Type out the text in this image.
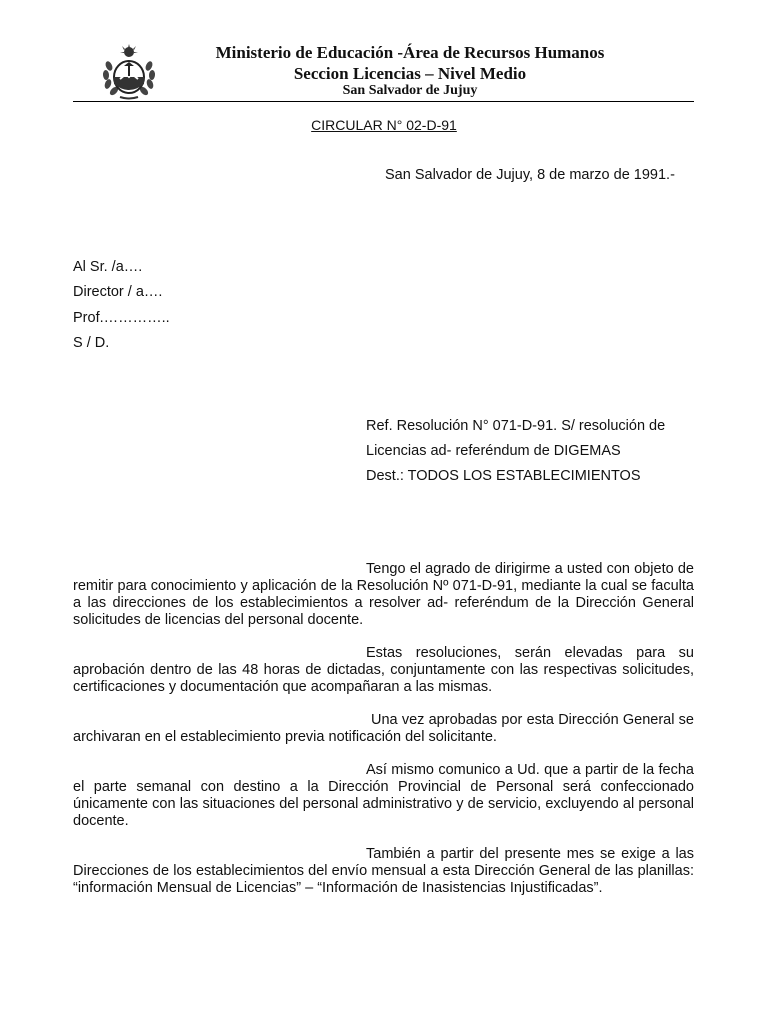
Ministerio de Educación -Área de Recursos Humanos
Seccion Licencias – Nivel Medio
San Salvador de Jujuy
CIRCULAR N° 02-D-91
San Salvador de Jujuy, 8 de marzo de 1991.-
Al Sr. /a….
Director / a….
Prof.…………..
S / D.
Ref. Resolución N° 071-D-91. S/ resolución de
Licencias ad- referéndum de DIGEMAS
Dest.: TODOS LOS ESTABLECIMIENTOS

Tengo el agrado de dirigirme a usted con objeto de remitir para conocimiento y aplicación de la Resolución Nº 071-D-91, mediante la cual se faculta a las direcciones de los establecimientos a resolver ad- referéndum de la Dirección General solicitudes de licencias del personal docente.

Estas resoluciones, serán elevadas para su aprobación dentro de las 48 horas de dictadas, conjuntamente con las respectivas solicitudes, certificaciones y documentación que acompañaran a las mismas.

Una vez aprobadas por esta Dirección General se archivaran en el establecimiento previa notificación del solicitante.

Así mismo comunico a Ud. que a partir de la fecha el parte semanal con destino a la Dirección Provincial de Personal será confeccionado únicamente con las situaciones del personal administrativo y de servicio, excluyendo al personal docente.

También a partir del presente mes se exige a las Direcciones de los establecimientos del envío mensual a esta Dirección General de las planillas: “información Mensual de Licencias” – “Información de Inasistencias Injustificadas”.
